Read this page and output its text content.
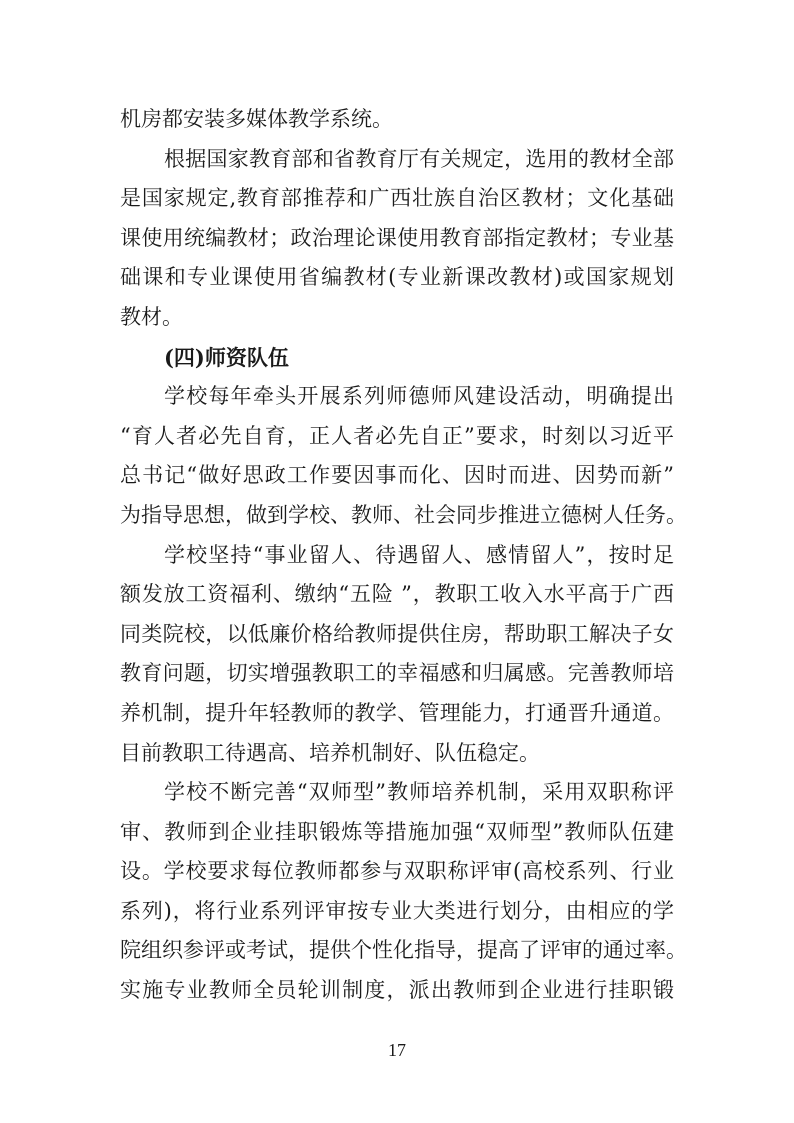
机房都安装多媒体教学系统。
根据国家教育部和省教育厅有关规定，选用的教材全部
是国家规定,教育部推荐和广西壮族自治区教材；文化基础
课使用统编教材；政治理论课使用教育部指定教材；专业基
础课和专业课使用省编教材(专业新课改教材)或国家规划
教材。
(四)师资队伍
学校每年牵头开展系列师德师风建设活动，明确提出
“育人者必先自育，正人者必先自正”要求，时刻以习近平
总书记“做好思政工作要因事而化、因时而进、因势而新”
为指导思想，做到学校、教师、社会同步推进立德树人任务。
学校坚持“事业留人、待遇留人、感情留人”，按时足
额发放工资福利、缴纳“五险 ”，教职工收入水平高于广西
同类院校，以低廉价格给教师提供住房，帮助职工解决子女
教育问题，切实增强教职工的幸福感和归属感。完善教师培
养机制，提升年轻教师的教学、管理能力，打通晋升通道。
目前教职工待遇高、培养机制好、队伍稳定。
学校不断完善“双师型”教师培养机制，采用双职称评
审、教师到企业挂职锻炼等措施加强“双师型”教师队伍建
设。学校要求每位教师都参与双职称评审(高校系列、行业
系列)，将行业系列评审按专业大类进行划分，由相应的学
院组织参评或考试，提供个性化指导，提高了评审的通过率。
实施专业教师全员轮训制度，派出教师到企业进行挂职锻
17
